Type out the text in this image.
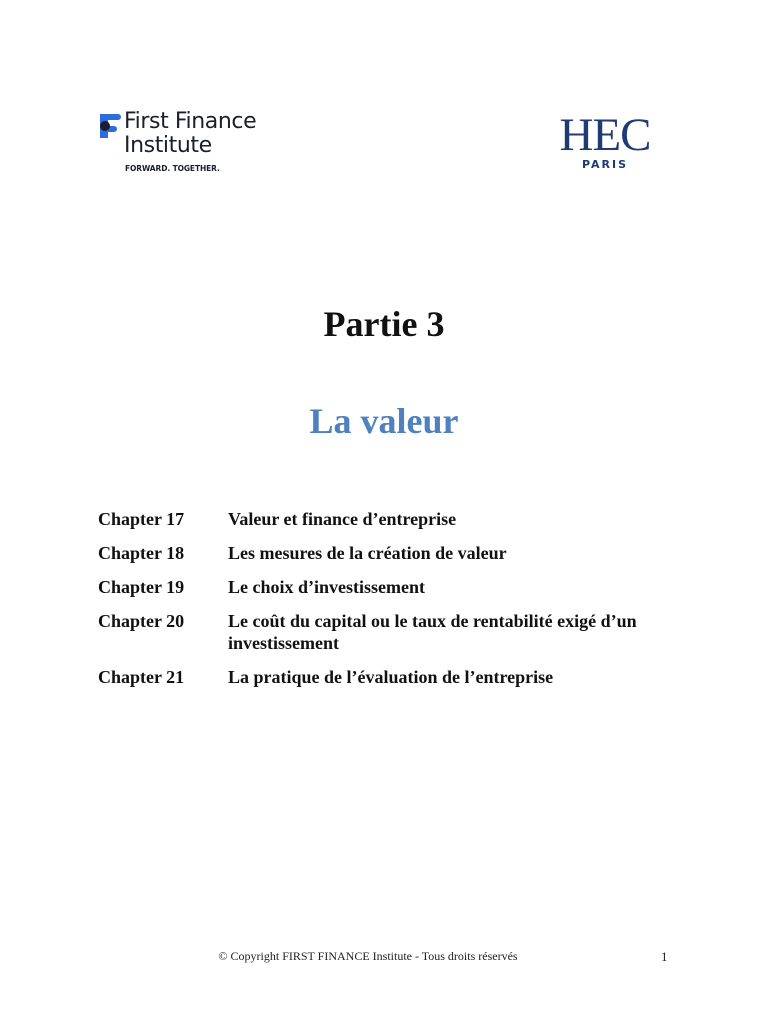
First Finance
Institute
FORWARD. TOGETHER.
HEC
PARIS
Partie 3
La valeur
Chapter 17	Valeur et finance d’entreprise
Chapter 18	Les mesures de la création de valeur
Chapter 19	Le choix d’investissement
Chapter 20	Le coût du capital ou le taux de rentabilité exigé d’un investissement
Chapter 21	La pratique de l’évaluation de l’entreprise
© Copyright FIRST FINANCE Institute - Tous droits réservés	1
